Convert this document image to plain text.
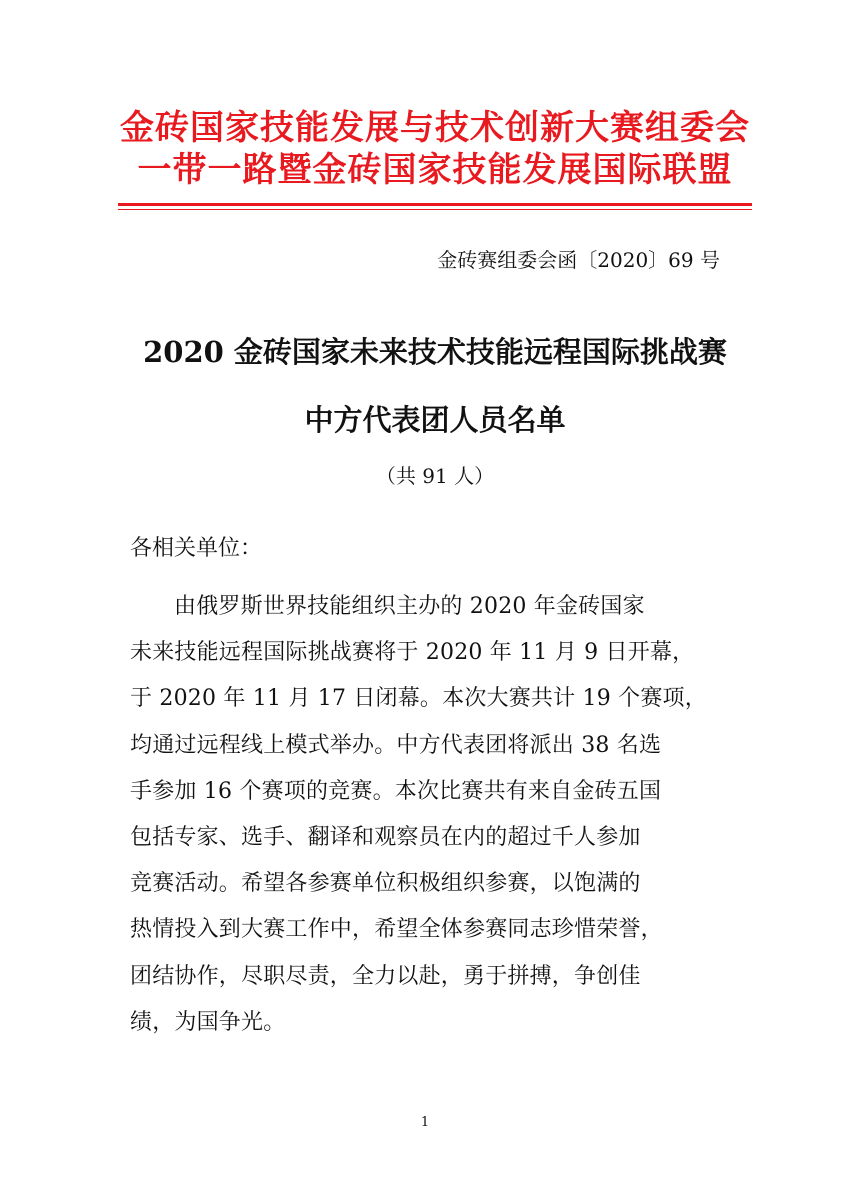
金砖国家技能发展与技术创新大赛组委会
一带一路暨金砖国家技能发展国际联盟
金砖赛组委会函〔2020〕69 号
2020 金砖国家未来技术技能远程国际挑战赛
中方代表团人员名单
（共 91 人）
各相关单位：
由俄罗斯世界技能组织主办的 2020 年金砖国家
未来技能远程国际挑战赛将于 2020 年 11 月 9 日开幕，
于 2020 年 11 月 17 日闭幕。本次大赛共计 19 个赛项，
均通过远程线上模式举办。中方代表团将派出 38 名选
手参加 16 个赛项的竞赛。本次比赛共有来自金砖五国
包括专家、选手、翻译和观察员在内的超过千人参加
竞赛活动。希望各参赛单位积极组织参赛，以饱满的
热情投入到大赛工作中，希望全体参赛同志珍惜荣誉，
团结协作，尽职尽责，全力以赴，勇于拼搏，争创佳
绩，为国争光。
1
